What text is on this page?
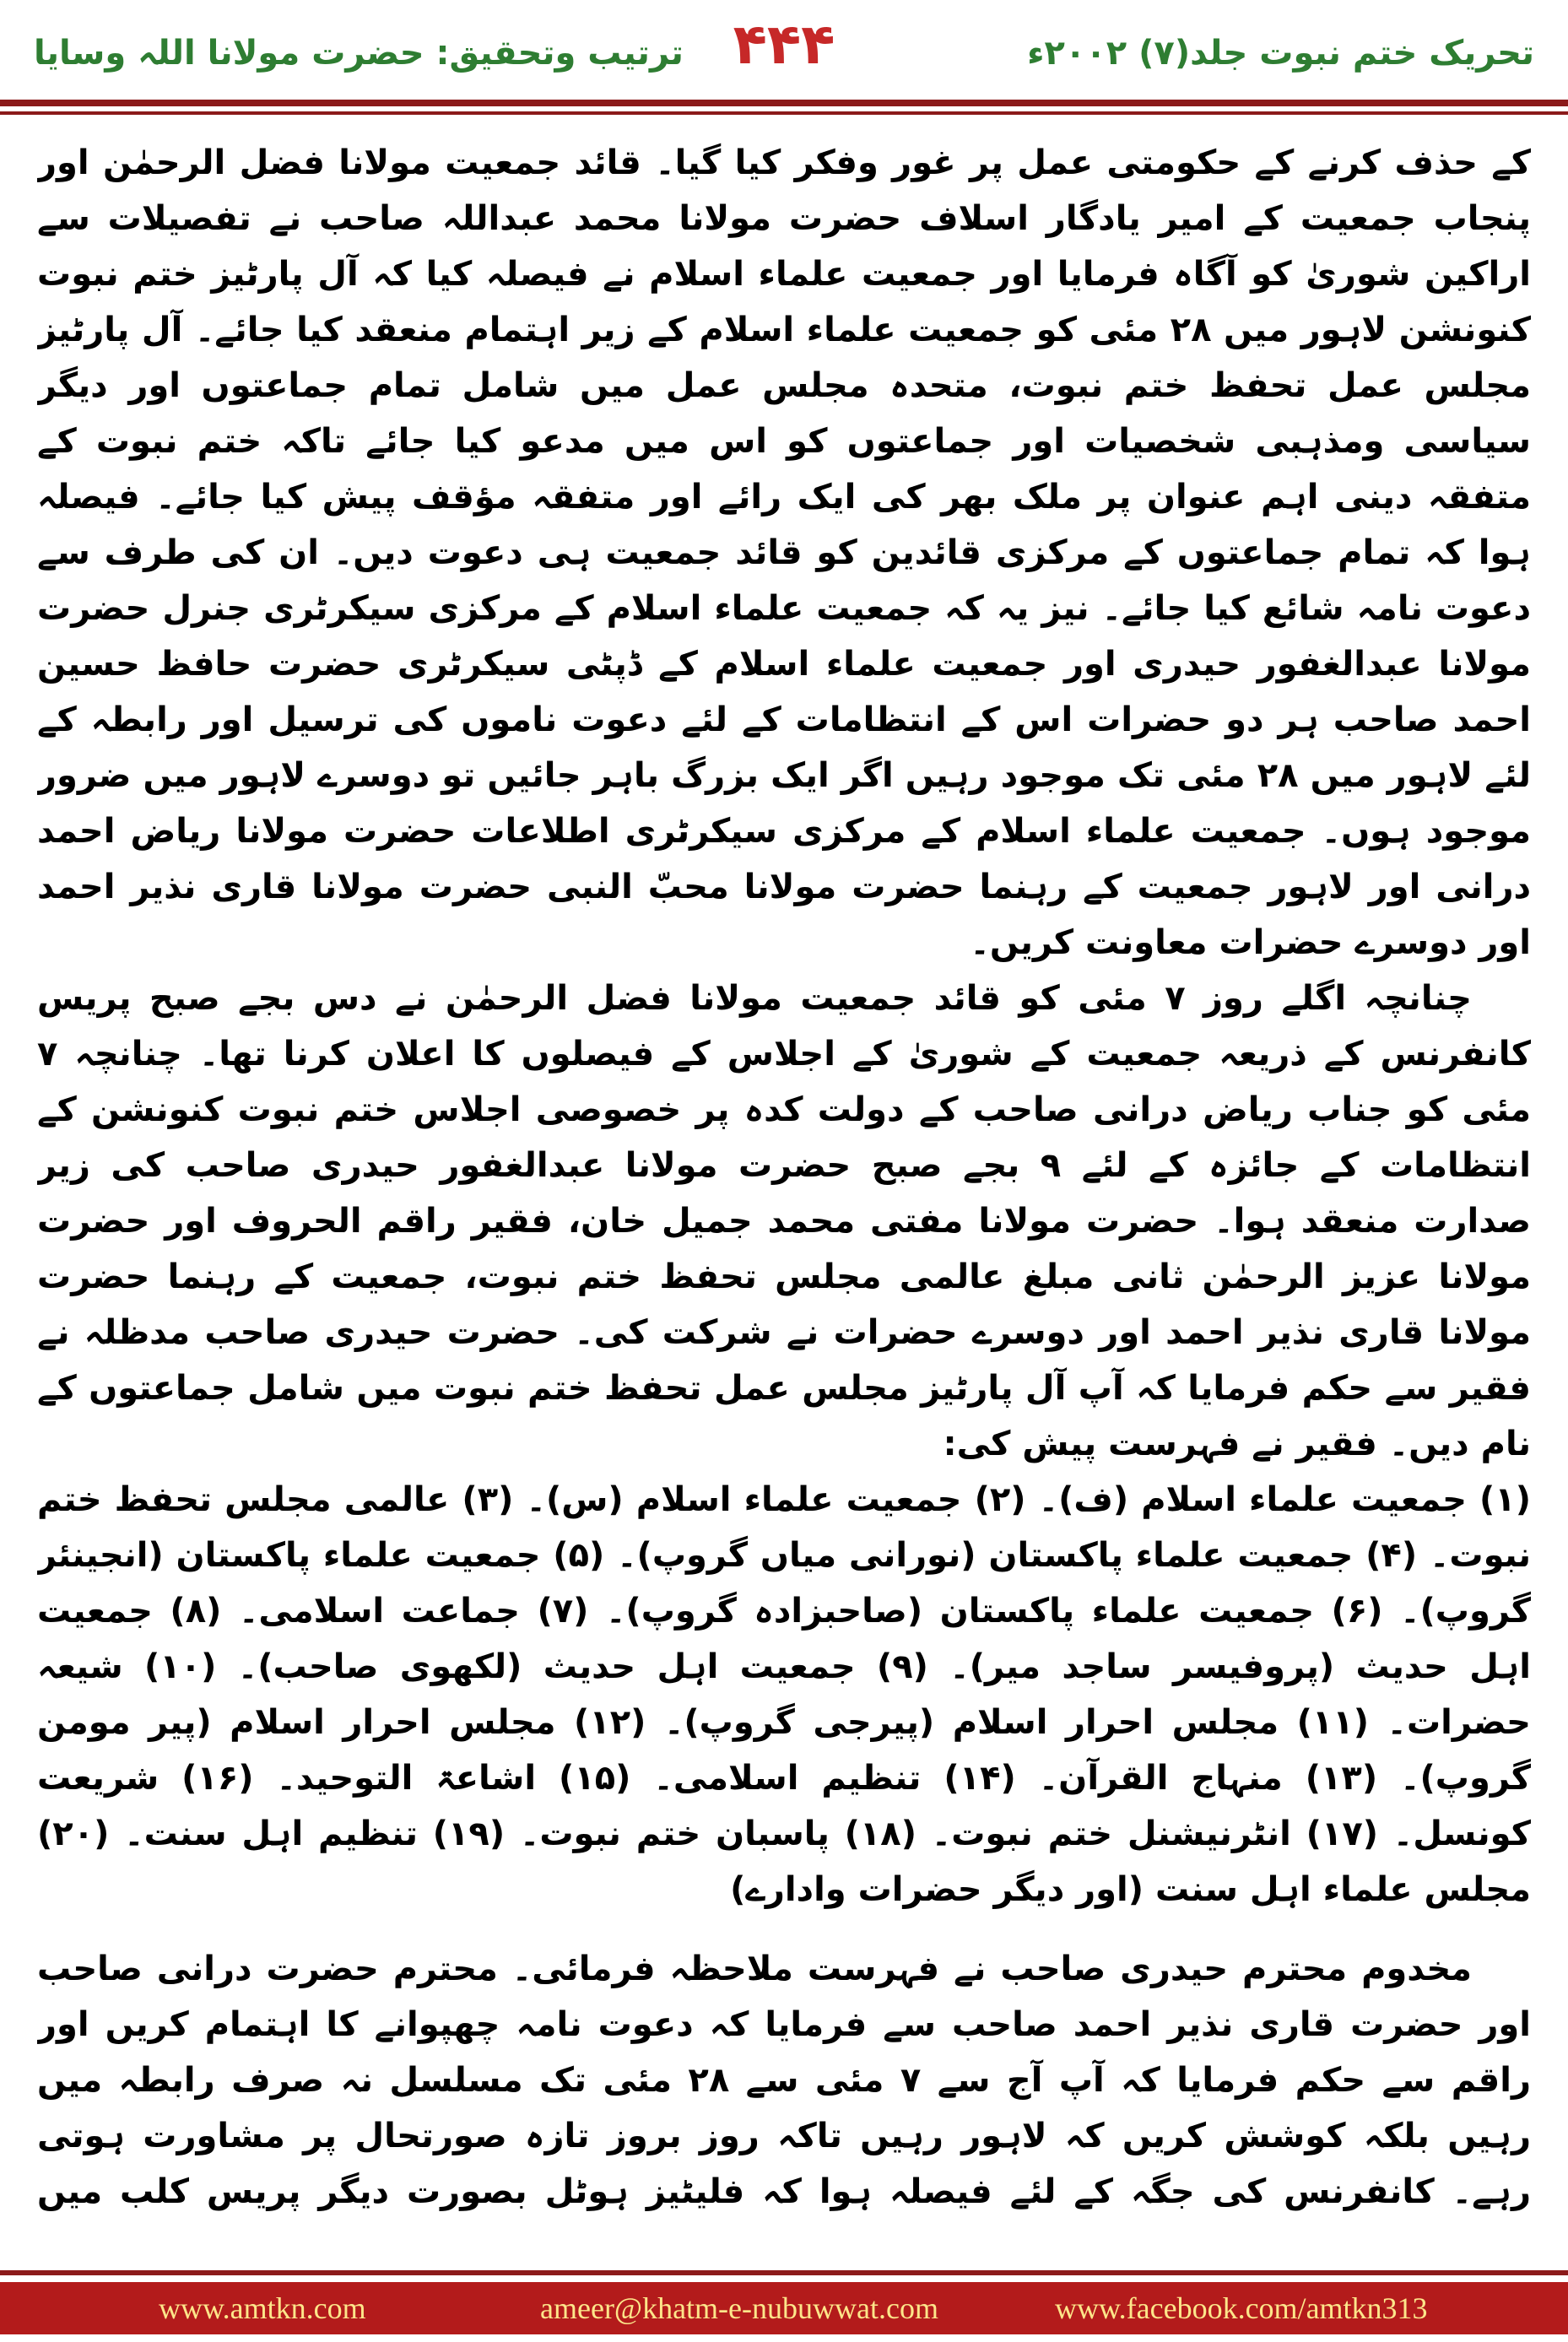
تحریک ختم نبوت جلد(۷) ۲۰۰۲ء
۴۴۴
ترتیب وتحقیق: حضرت مولانا اللہ وسایا

کے حذف کرنے کے حکومتی عمل پر غور وفکر کیا گیا۔ قائد جمعیت مولانا فضل الرحمٰن اور پنجاب جمعیت کے امیر یادگار اسلاف حضرت مولانا محمد عبداللہ صاحب نے تفصیلات سے اراکین شوریٰ کو آگاہ فرمایا اور جمعیت علماء اسلام نے فیصلہ کیا کہ آل پارٹیز ختم نبوت کنونشن لاہور میں ۲۸ مئی کو جمعیت علماء اسلام کے زیر اہتمام منعقد کیا جائے۔ آل پارٹیز مجلس عمل تحفظ ختم نبوت، متحدہ مجلس عمل میں شامل تمام جماعتوں اور دیگر سیاسی ومذہبی شخصیات اور جماعتوں کو اس میں مدعو کیا جائے تاکہ ختم نبوت کے متفقہ دینی اہم عنوان پر ملک بھر کی ایک رائے اور متفقہ مؤقف پیش کیا جائے۔ فیصلہ ہوا کہ تمام جماعتوں کے مرکزی قائدین کو قائد جمعیت ہی دعوت دیں۔ ان کی طرف سے دعوت نامہ شائع کیا جائے۔ نیز یہ کہ جمعیت علماء اسلام کے مرکزی سیکرٹری جنرل حضرت مولانا عبدالغفور حیدری اور جمعیت علماء اسلام کے ڈپٹی سیکرٹری حضرت حافظ حسین احمد صاحب ہر دو حضرات اس کے انتظامات کے لئے دعوت ناموں کی ترسیل اور رابطہ کے لئے لاہور میں ۲۸ مئی تک موجود رہیں اگر ایک بزرگ باہر جائیں تو دوسرے لاہور میں ضرور موجود ہوں۔ جمعیت علماء اسلام کے مرکزی سیکرٹری اطلاعات حضرت مولانا ریاض احمد درانی اور لاہور جمعیت کے رہنما حضرت مولانا محبّ النبی حضرت مولانا قاری نذیر احمد اور دوسرے حضرات معاونت کریں۔

چنانچہ اگلے روز ۷ مئی کو قائد جمعیت مولانا فضل الرحمٰن نے دس بجے صبح پریس کانفرنس کے ذریعہ جمعیت کے شوریٰ کے اجلاس کے فیصلوں کا اعلان کرنا تھا۔ چنانچہ ۷ مئی کو جناب ریاض درانی صاحب کے دولت کدہ پر خصوصی اجلاس ختم نبوت کنونشن کے انتظامات کے جائزہ کے لئے ۹ بجے صبح حضرت مولانا عبدالغفور حیدری صاحب کی زیر صدارت منعقد ہوا۔ حضرت مولانا مفتی محمد جمیل خان، فقیر راقم الحروف اور حضرت مولانا عزیز الرحمٰن ثانی مبلغ عالمی مجلس تحفظ ختم نبوت، جمعیت کے رہنما حضرت مولانا قاری نذیر احمد اور دوسرے حضرات نے شرکت کی۔ حضرت حیدری صاحب مدظلہ نے فقیر سے حکم فرمایا کہ آپ آل پارٹیز مجلس عمل تحفظ ختم نبوت میں شامل جماعتوں کے نام دیں۔ فقیر نے فہرست پیش کی:

(۱) جمعیت علماء اسلام (ف)۔ (۲) جمعیت علماء اسلام (س)۔ (۳) عالمی مجلس تحفظ ختم نبوت۔ (۴) جمعیت علماء پاکستان (نورانی میاں گروپ)۔ (۵) جمعیت علماء پاکستان (انجینئر گروپ)۔ (۶) جمعیت علماء پاکستان (صاحبزادہ گروپ)۔ (۷) جماعت اسلامی۔ (۸) جمعیت اہل حدیث (پروفیسر ساجد میر)۔ (۹) جمعیت اہل حدیث (لکھوی صاحب)۔ (۱۰) شیعہ حضرات۔ (۱۱) مجلس احرار اسلام (پیرجی گروپ)۔ (۱۲) مجلس احرار اسلام (پیر مومن گروپ)۔ (۱۳) منہاج القرآن۔ (۱۴) تنظیم اسلامی۔ (۱۵) اشاعۃ التوحید۔ (۱۶) شریعت کونسل۔ (۱۷) انٹرنیشنل ختم نبوت۔ (۱۸) پاسبان ختم نبوت۔ (۱۹) تنظیم اہل سنت۔ (۲۰) مجلس علماء اہل سنت (اور دیگر حضرات وادارے)

مخدوم محترم حیدری صاحب نے فہرست ملاحظہ فرمائی۔ محترم حضرت درانی صاحب اور حضرت قاری نذیر احمد صاحب سے فرمایا کہ دعوت نامہ چھپوانے کا اہتمام کریں اور راقم سے حکم فرمایا کہ آپ آج سے ۷ مئی سے ۲۸ مئی تک مسلسل نہ صرف رابطہ میں رہیں بلکہ کوشش کریں کہ لاہور رہیں تاکہ روز بروز تازہ صورتحال پر مشاورت ہوتی رہے۔ کانفرنس کی جگہ کے لئے فیصلہ ہوا کہ فلیٹیز ہوٹل بصورت دیگر پریس کلب میں

www.amtkn.com	ameer@khatm-e-nubuwwat.com	www.facebook.com/amtkn313
